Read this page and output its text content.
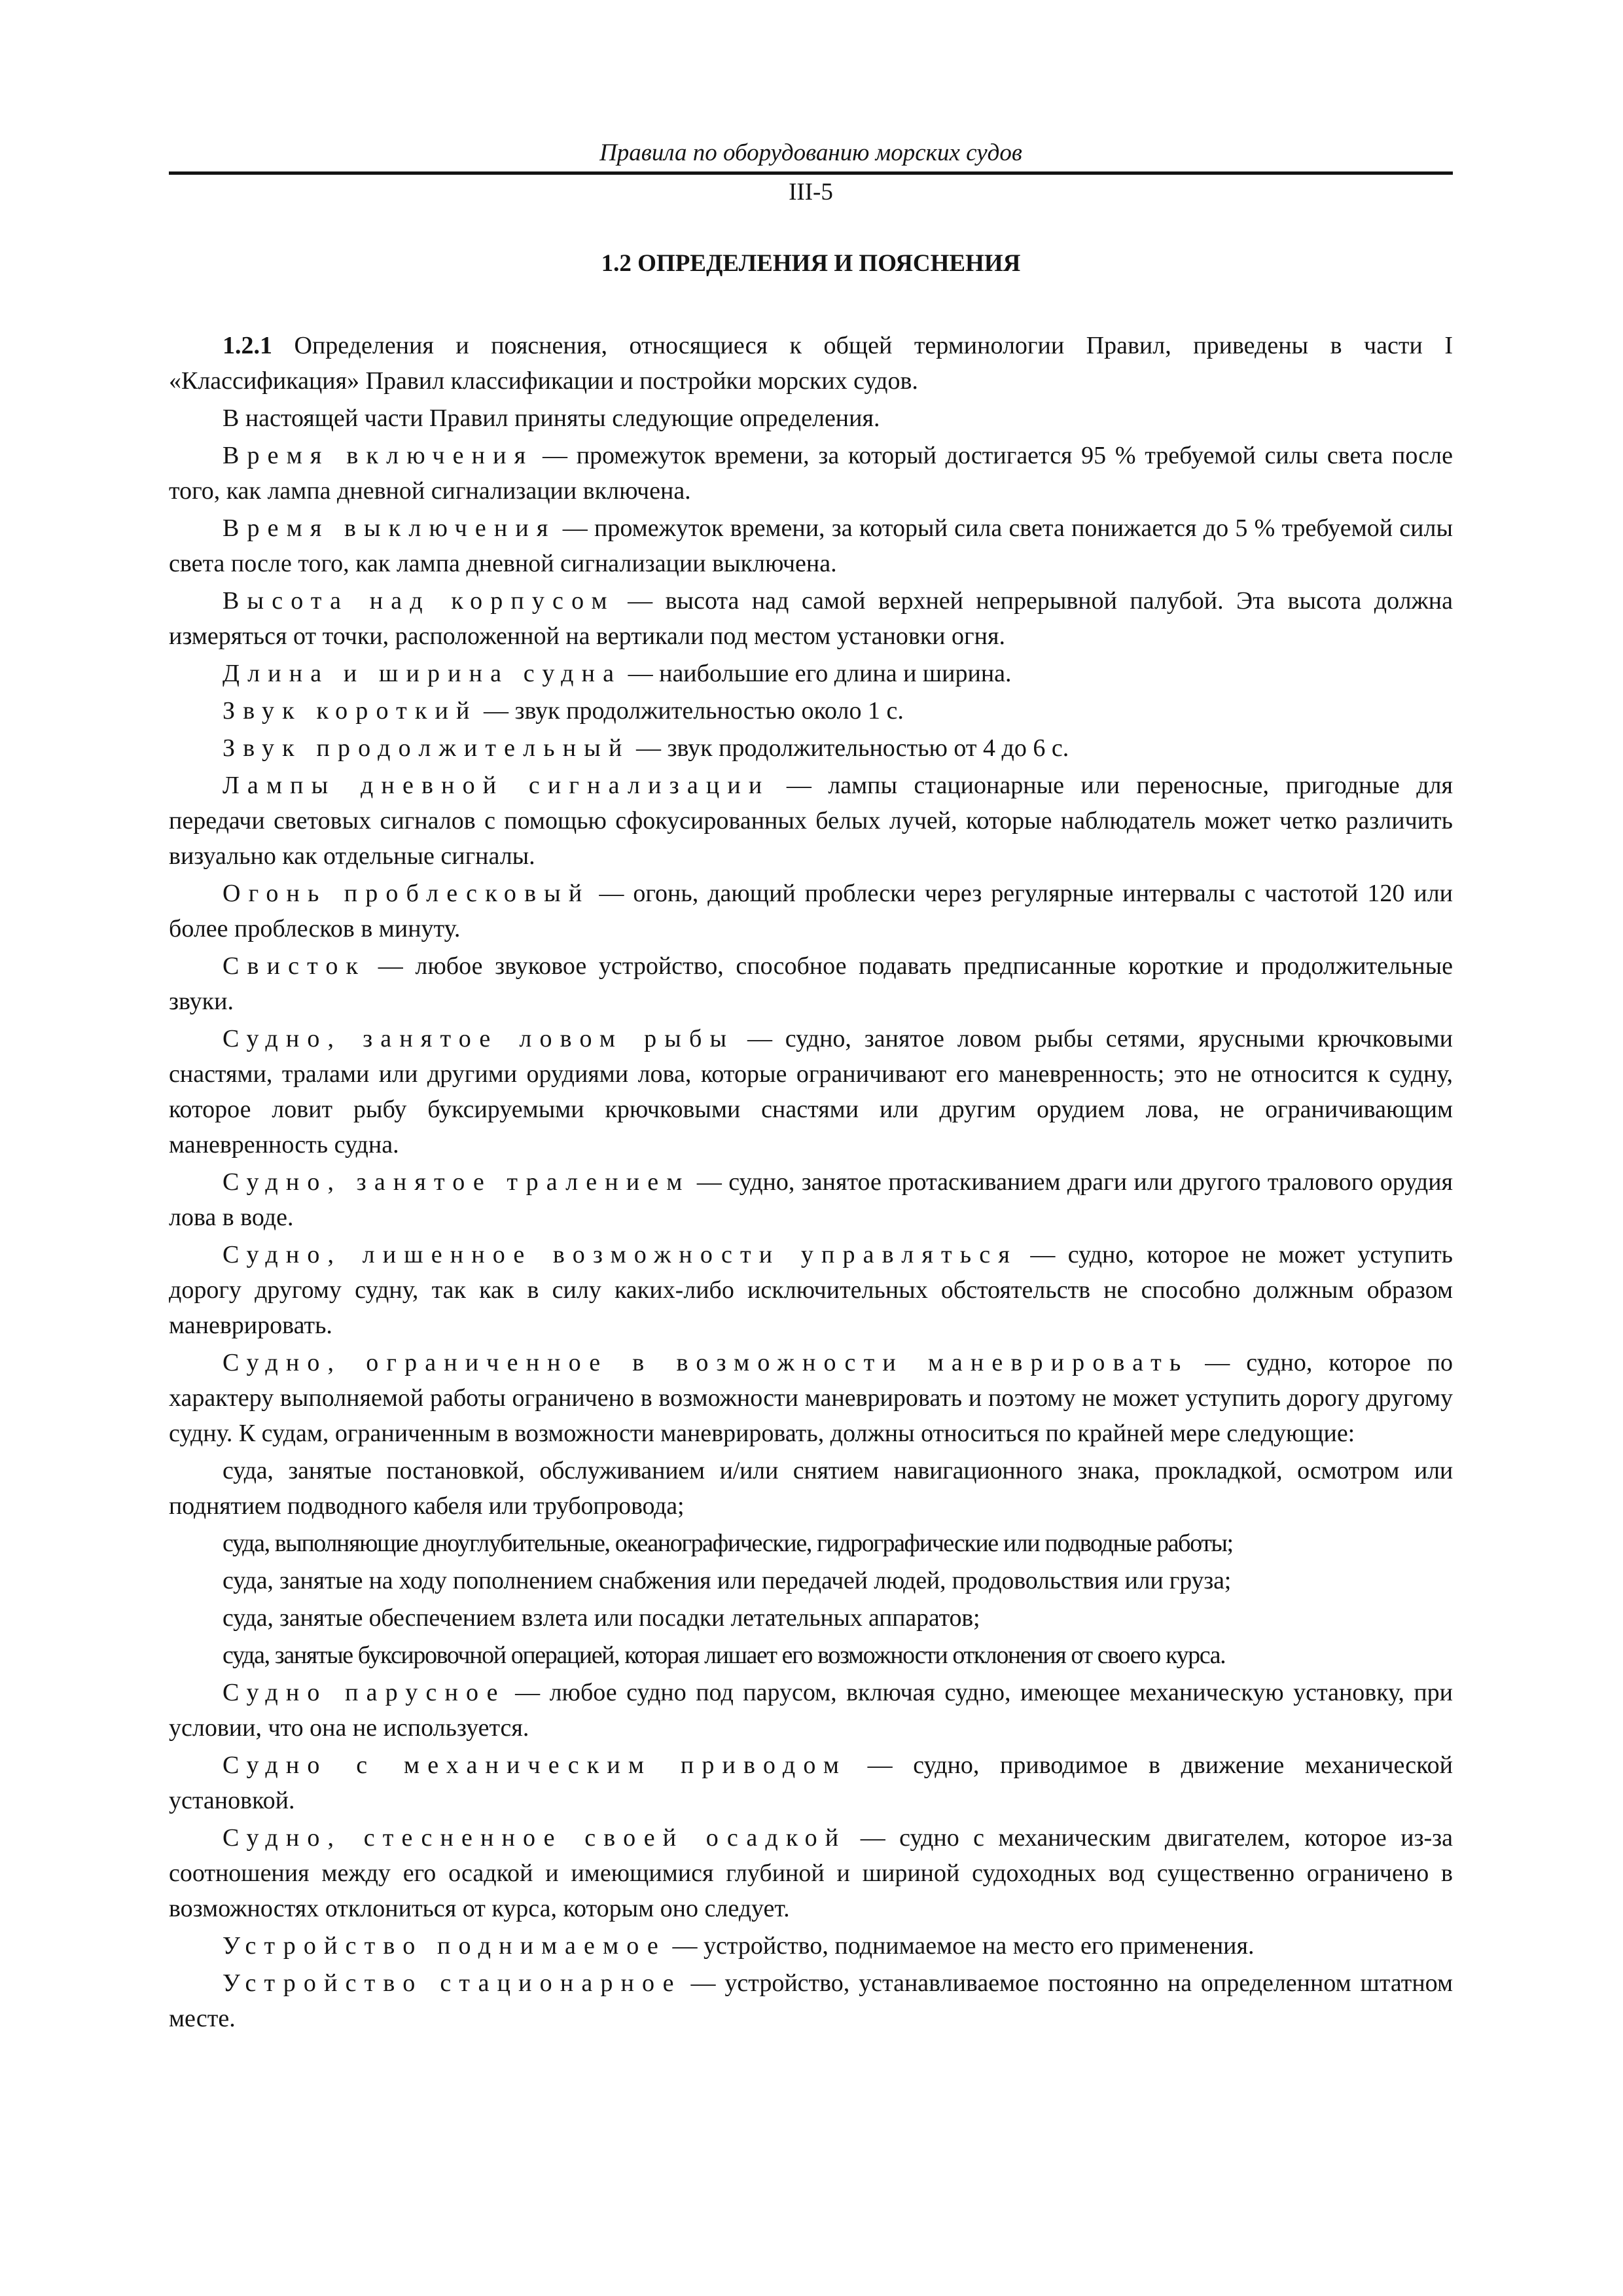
Правила по оборудованию морских судов
III-5
1.2 ОПРЕДЕЛЕНИЯ И ПОЯСНЕНИЯ

1.2.1 Определения и пояснения, относящиеся к общей терминологии Правил, приведены в части I «Классификация» Правил классификации и постройки морских судов.

В настоящей части Правил приняты следующие определения.

Время включения — промежуток времени, за который достигается 95 % требуемой силы света после того, как лампа дневной сигнализации включена.

Время выключения — промежуток времени, за который сила света понижается до 5 % требуемой силы света после того, как лампа дневной сигнализации выключена.

Высота над корпусом — высота над самой верхней непрерывной палубой. Эта высота должна измеряться от точки, расположенной на вертикали под местом установки огня.

Длина и ширина судна — наибольшие его длина и ширина.

Звук короткий — звук продолжительностью около 1 с.

Звук продолжительный — звук продолжительностью от 4 до 6 с.

Лампы дневной сигнализации — лампы стационарные или переносные, пригодные для передачи световых сигналов с помощью сфокусированных белых лучей, которые наблюдатель может четко различить визуально как отдельные сигналы.

Огонь проблесковый — огонь, дающий проблески через регулярные интервалы с частотой 120 или более проблесков в минуту.

Свисток — любое звуковое устройство, способное подавать предписанные короткие и продолжительные звуки.

Судно, занятое ловом рыбы — судно, занятое ловом рыбы сетями, ярусными крючковыми снастями, тралами или другими орудиями лова, которые ограничивают его маневренность; это не относится к судну, которое ловит рыбу буксируемыми крючковыми снастями или другим орудием лова, не ограничивающим маневренность судна.

Судно, занятое тралением — судно, занятое протаскиванием драги или другого тралового орудия лова в воде.

Судно, лишенное возможности управляться — судно, которое не может уступить дорогу другому судну, так как в силу каких-либо исключительных обстоятельств не способно должным образом маневрировать.

Судно, ограниченное в возможности маневрировать — судно, которое по характеру выполняемой работы ограничено в возможности маневрировать и поэтому не может уступить дорогу другому судну. К судам, ограниченным в возможности маневрировать, должны относиться по крайней мере следующие:

суда, занятые постановкой, обслуживанием и/или снятием навигационного знака, прокладкой, осмотром или поднятием подводного кабеля или трубопровода;

суда, выполняющие дноуглубительные, океанографические, гидрографические или подводные работы;

суда, занятые на ходу пополнением снабжения или передачей людей, продовольствия или груза;

суда, занятые обеспечением взлета или посадки летательных аппаратов;

суда, занятые буксировочной операцией, которая лишает его возможности отклонения от своего курса.

Судно парусное — любое судно под парусом, включая судно, имеющее механическую установку, при условии, что она не используется.

Судно с механическим приводом — судно, приводимое в движение механической установкой.

Судно, стесненное своей осадкой — судно с механическим двигателем, которое из-за соотношения между его осадкой и имеющимися глубиной и шириной судоходных вод существенно ограничено в возможностях отклониться от курса, которым оно следует.

Устройство поднимаемое — устройство, поднимаемое на место его применения.

Устройство стационарное — устройство, устанавливаемое постоянно на определенном штатном месте.
